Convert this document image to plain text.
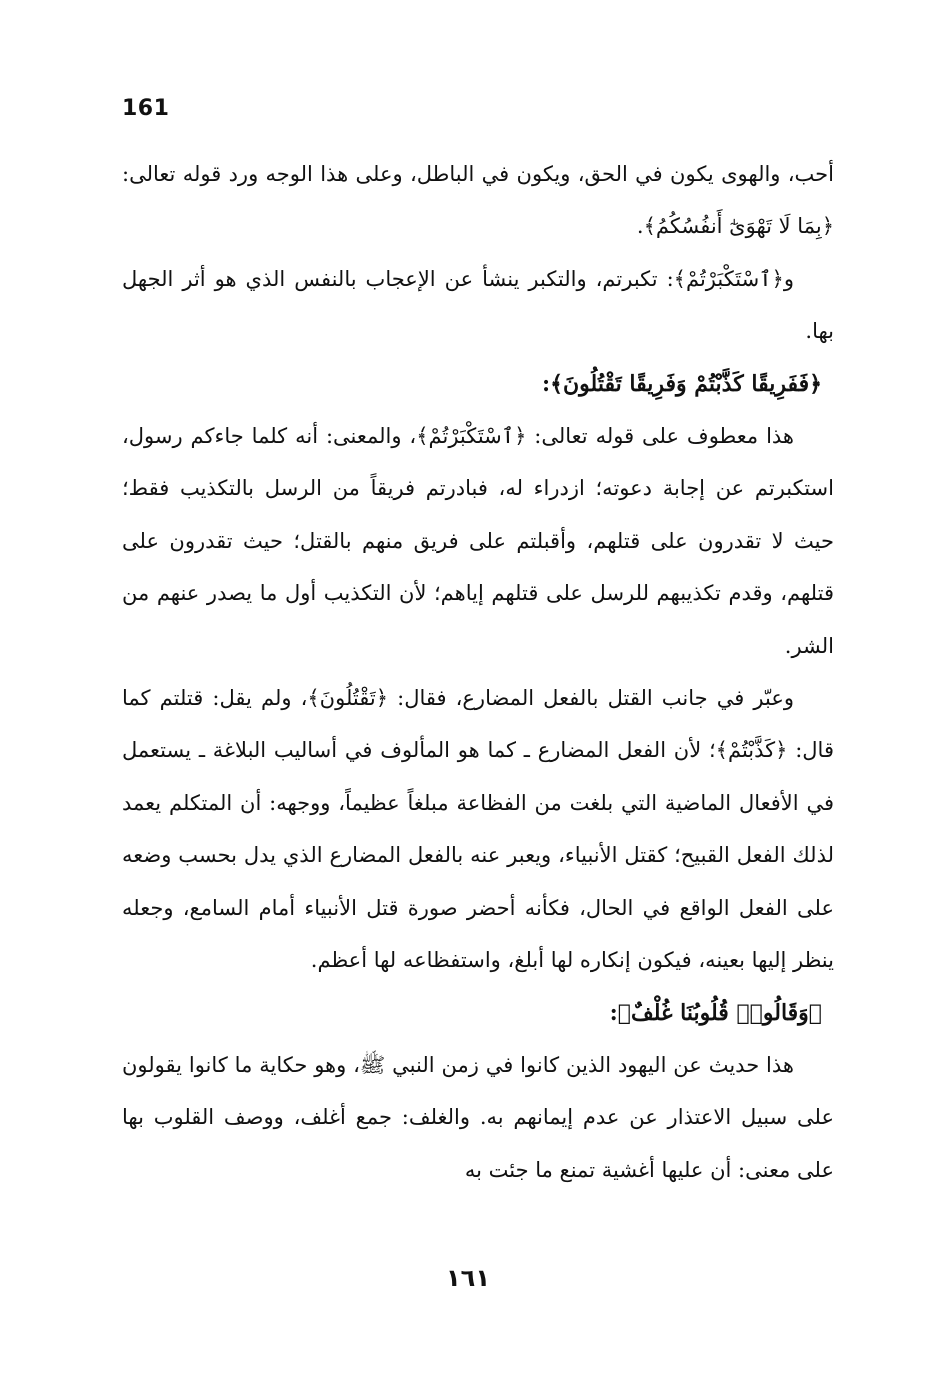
161

أحب، والهوى يكون في الحق، ويكون في الباطل، وعلى هذا الوجه ورد قوله تعالى: ﴿بِمَا لَا تَهْوَىٰٓ أَنفُسُكُمُ﴾.

و﴿ٱسْتَكْبَرْتُمْ﴾: تكبرتم، والتكبر ينشأ عن الإعجاب بالنفس الذي هو أثر الجهل بها.

﴿فَفَرِيقًا كَذَّبْتُمْ وَفَرِيقًا تَقْتُلُونَ﴾:

هذا معطوف على قوله تعالى: ﴿ٱسْتَكْبَرْتُمْ﴾، والمعنى: أنه كلما جاءكم رسول، استكبرتم عن إجابة دعوته؛ ازدراء له، فبادرتم فريقاً من الرسل بالتكذيب فقط؛ حيث لا تقدرون على قتلهم، وأقبلتم على فريق منهم بالقتل؛ حيث تقدرون على قتلهم، وقدم تكذيبهم للرسل على قتلهم إياهم؛ لأن التكذيب أول ما يصدر عنهم من الشر.

وعبّر في جانب القتل بالفعل المضارع، فقال: ﴿تَقْتُلُونَ﴾، ولم يقل: قتلتم كما قال: ﴿كَذَّبْتُمْ﴾؛ لأن الفعل المضارع ـ كما هو المألوف في أساليب البلاغة ـ يستعمل في الأفعال الماضية التي بلغت من الفظاعة مبلغاً عظيماً، ووجهه: أن المتكلم يعمد لذلك الفعل القبيح؛ كقتل الأنبياء، ويعبر عنه بالفعل المضارع الذي يدل بحسب وضعه على الفعل الواقع في الحال، فكأنه أحضر صورة قتل الأنبياء أمام السامع، وجعله ينظر إليها بعينه، فيكون إنكاره لها أبلغ، واستفظاعه لها أعظم.

﴿وَقَالُوا۟ قُلُوبُنَا غُلْفٌ﴾:

هذا حديث عن اليهود الذين كانوا في زمن النبي ﷺ، وهو حكاية ما كانوا يقولون على سبيل الاعتذار عن عدم إيمانهم به. والغلف: جمع أغلف، ووصف القلوب بها على معنى: أن عليها أغشية تمنع ما جئت به

١٦١
